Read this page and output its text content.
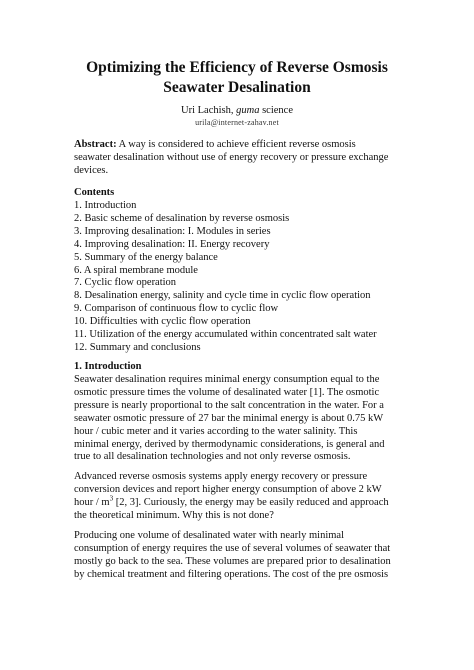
Optimizing the Efficiency of Reverse Osmosis
Seawater Desalination
Uri Lachish, guma science
urila@internet-zahav.net
Abstract: A way is considered to achieve efficient reverse osmosis
seawater desalination without use of energy recovery or pressure exchange
devices.
Contents
1. Introduction
2. Basic scheme of desalination by reverse osmosis
3. Improving desalination: I. Modules in series
4. Improving desalination: II. Energy recovery
5. Summary of the energy balance
6. A spiral membrane module
7. Cyclic flow operation
8. Desalination energy, salinity and cycle time in cyclic flow operation
9. Comparison of continuous flow to cyclic flow
10. Difficulties with cyclic flow operation
11. Utilization of the energy accumulated within concentrated salt water
12. Summary and conclusions
1. Introduction
Seawater desalination requires minimal energy consumption equal to the
osmotic pressure times the volume of desalinated water [1]. The osmotic
pressure is nearly proportional to the salt concentration in the water. For a
seawater osmotic pressure of 27 bar the minimal energy is about 0.75 kW
hour / cubic meter and it varies according to the water salinity. This
minimal energy, derived by thermodynamic considerations, is general and
true to all desalination technologies and not only reverse osmosis.
Advanced reverse osmosis systems apply energy recovery or pressure
conversion devices and report higher energy consumption of above 2 kW
hour / $m^3$ [2, 3]. Curiously, the energy may be easily reduced and approach
the theoretical minimum. Why this is not done?
Producing one volume of desalinated water with nearly minimal
consumption of energy requires the use of several volumes of seawater that
mostly go back to the sea. These volumes are prepared prior to desalination
by chemical treatment and filtering operations. The cost of the pre osmosis
